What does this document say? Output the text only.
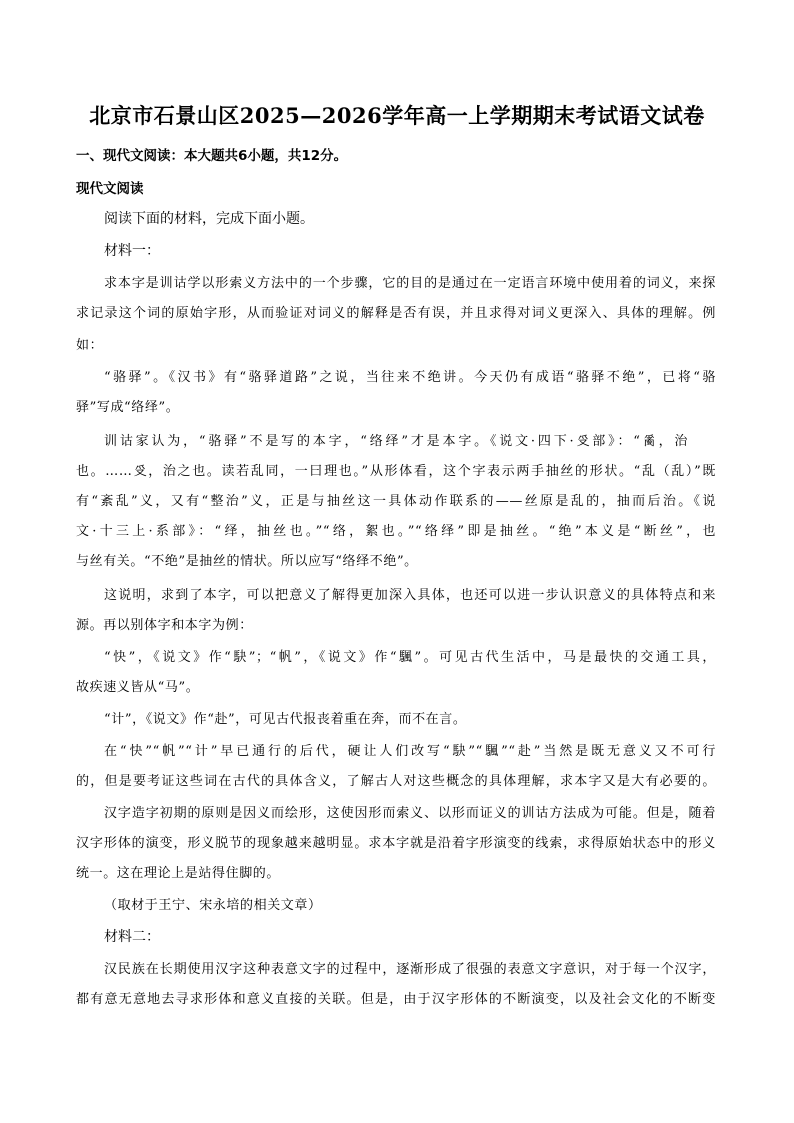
北京市石景山区2025—2026学年高一上学期期末考试语文试卷
一、现代文阅读：本大题共6小题，共12分。
现代文阅读
阅读下面的材料，完成下面小题。
材料一：
求本字是训诂学以形索义方法中的一个步骤，它的目的是通过在一定语言环境中使用着的词义，来探
求记录这个词的原始字形，从而验证对词义的解释是否有误，并且求得对词义更深入、具体的理解。例
如：
“骆驿”。《汉书》有“骆驿道路”之说，当往来不绝讲。今天仍有成语“骆驿不绝”，已将“骆
驿”写成“络绎”。
训诂家认为，“骆驿”不是写的本字，“络绎”才是本字。《说文·四下·𠬪部》：“𤔔，治
也。……𠬪，治之也。读若乱同，一曰理也。”从形体看，这个字表示两手抽丝的形状。“乱（乱）”既
有“紊乱”义，又有“整治”义，正是与抽丝这一具体动作联系的——丝原是乱的，抽而后治。《说
文·十三上·系部》：“绎，抽丝也。”“络，絮也。”“络绎”即是抽丝。“绝”本义是“断丝”，也
与丝有关。“不绝”是抽丝的情状。所以应写“络绎不绝”。
这说明，求到了本字，可以把意义了解得更加深入具体，也还可以进一步认识意义的具体特点和来
源。再以别体字和本字为例：
“快”，《说文》作“駃”；“帆”，《说文》作“颿”。可见古代生活中，马是最快的交通工具，
故疾速义皆从“马”。
“计”，《说文》作“赴”，可见古代报丧着重在奔，而不在言。
在“快”“帆”“计”早已通行的后代，硬让人们改写“駃”“颿”“赴”当然是既无意义又不可行
的，但是要考证这些词在古代的具体含义，了解古人对这些概念的具体理解，求本字又是大有必要的。
汉字造字初期的原则是因义而绘形，这使因形而索义、以形而证义的训诂方法成为可能。但是，随着
汉字形体的演变，形义脱节的现象越来越明显。求本字就是沿着字形演变的线索，求得原始状态中的形义
统一。这在理论上是站得住脚的。
（取材于王宁、宋永培的相关文章）
材料二：
汉民族在长期使用汉字这种表意文字的过程中，逐渐形成了很强的表意文字意识，对于每一个汉字，
都有意无意地去寻求形体和意义直接的关联。但是，由于汉字形体的不断演变，以及社会文化的不断变
